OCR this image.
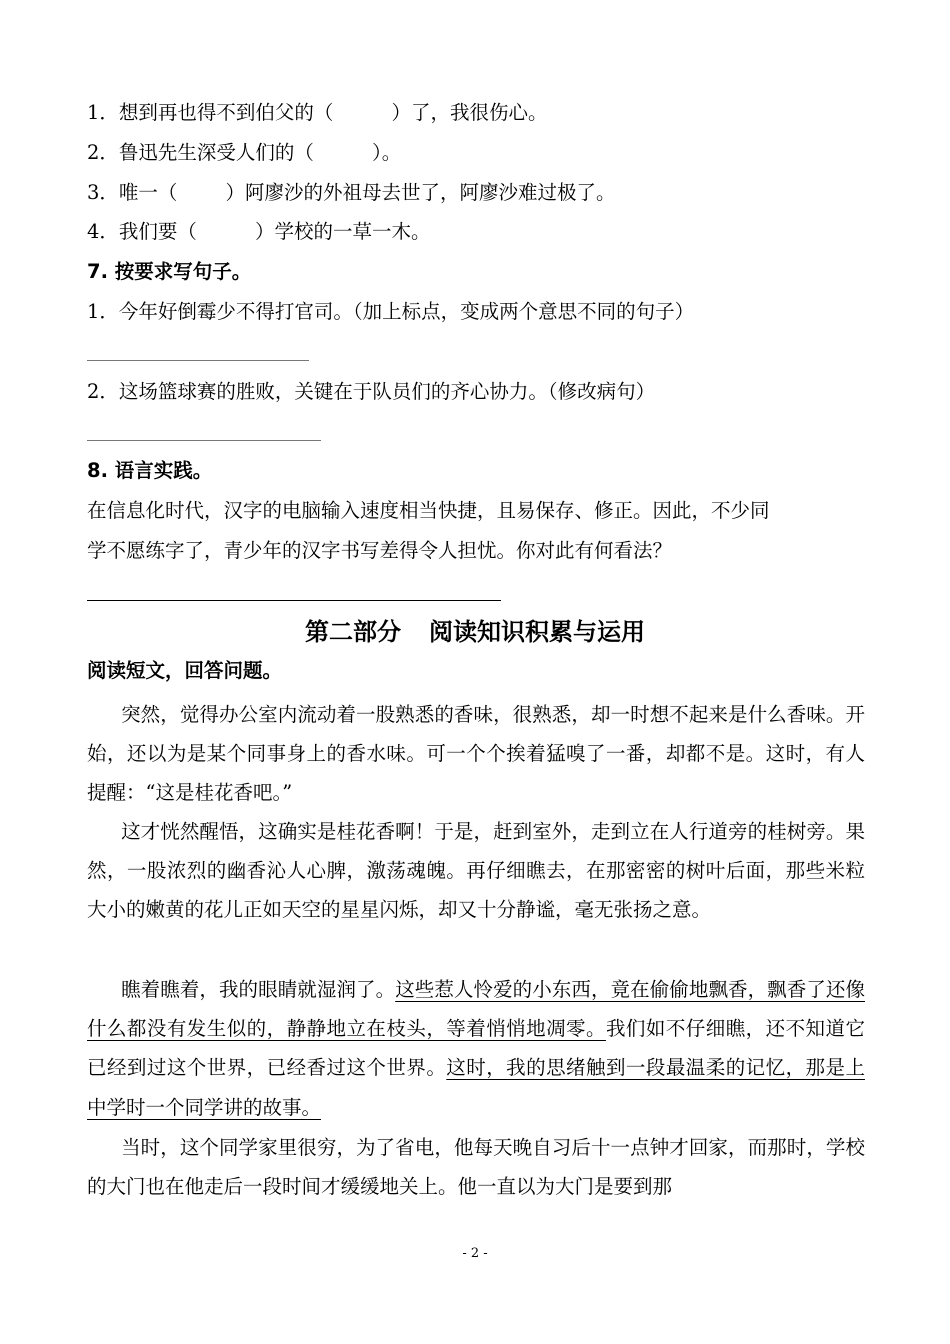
1．想到再也得不到伯父的（	）了，我很伤心。
2．鲁迅先生深受人们的（	）。
3．唯一（ ）阿廖沙的外祖母去世了，阿廖沙难过极了。
4．我们要（	）学校的一草一木。
7. 按要求写句子。
1．今年好倒霉少不得打官司。（加上标点，变成两个意思不同的句子）
2．这场篮球赛的胜败，关键在于队员们的齐心协力。（修改病句）
8. 语言实践。
在信息化时代，汉字的电脑输入速度相当快捷，且易保存、修正。因此，不少同
学不愿练字了，青少年的汉字书写差得令人担忧。你对此有何看法？
第二部分 阅读知识积累与运用
阅读短文，回答问题。
突然，觉得办公室内流动着一股熟悉的香味，很熟悉，却一时想不起来是什么香味。开始，还以为是某个同事身上的香水味。可一个个挨着猛嗅了一番，却都不是。这时，有人提醒：“这是桂花香吧。”
这才恍然醒悟，这确实是桂花香啊！于是，赶到室外，走到立在人行道旁的桂树旁。果然，一股浓烈的幽香沁人心脾，激荡魂魄。再仔细瞧去，在那密密的树叶后面，那些米粒大小的嫩黄的花儿正如天空的星星闪烁，却又十分静谧，毫无张扬之意。
瞧着瞧着，我的眼睛就湿润了。这些惹人怜爱的小东西，竟在偷偷地飘香，飘香了还像什么都没有发生似的，静静地立在枝头，等着悄悄地凋零。我们如不仔细瞧，还不知道它已经到过这个世界，已经香过这个世界。这时，我的思绪触到一段最温柔的记忆，那是上中学时一个同学讲的故事。
当时，这个同学家里很穷，为了省电，他每天晚自习后十一点钟才回家，而那时，学校的大门也在他走后一段时间才缓缓地关上。他一直以为大门是要到那
- 2 -
